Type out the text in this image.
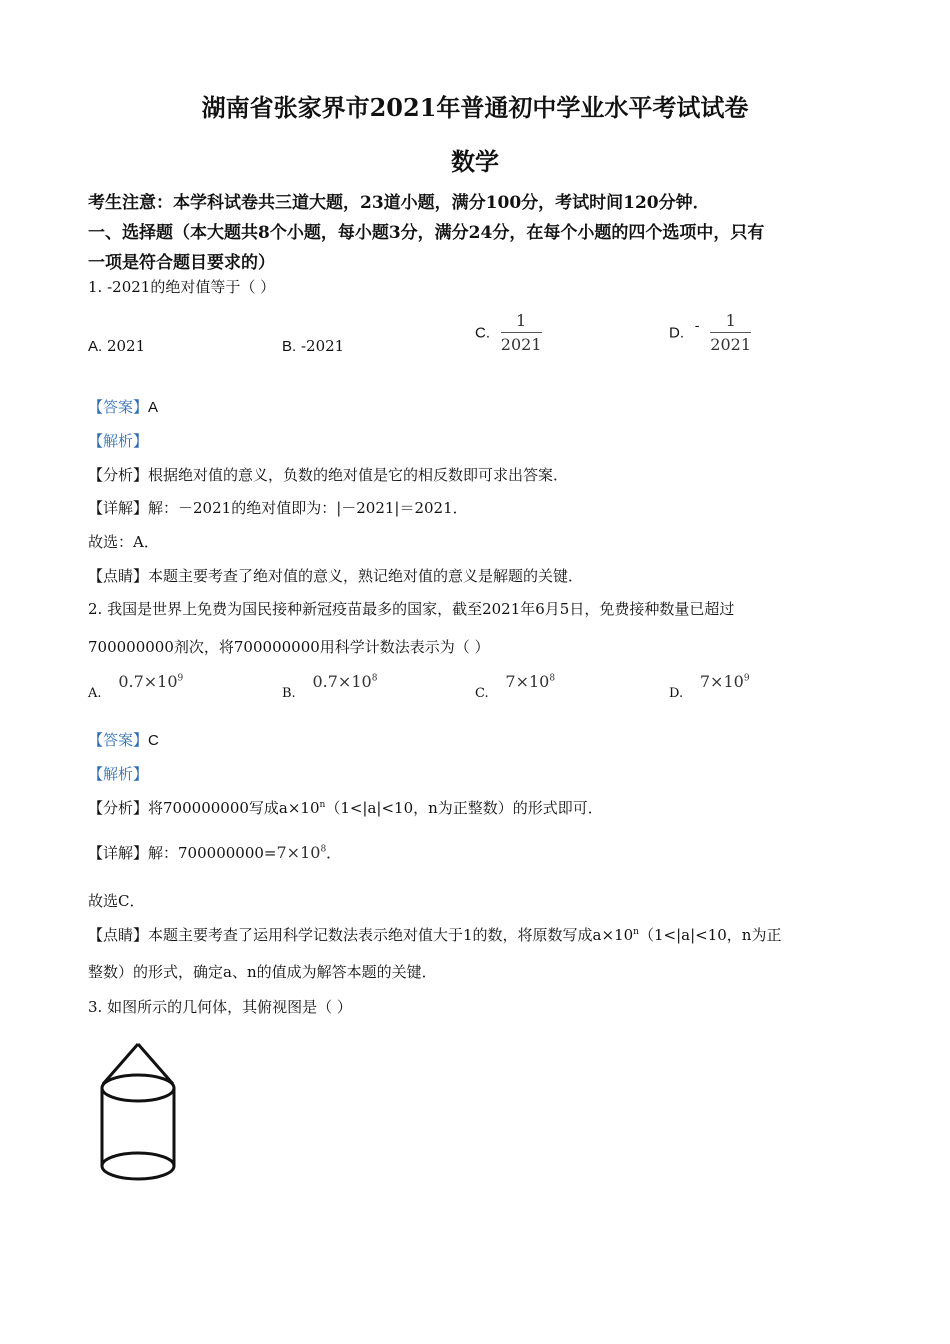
湖南省张家界市2021年普通初中学业水平考试试卷
数学
考生注意：本学科试卷共三道大题，23道小题，满分100分，考试时间120分钟．
一、选择题（本大题共8个小题，每小题3分，满分24分，在每个小题的四个选项中，只有
一项是符合题目要求的）
1. -2021的绝对值等于（ ）
A. 2021	B. -2021
C. $\frac{1}{2021}$	D. - $\frac{1}{2021}$
【答案】A
【解析】
【分析】根据绝对值的意义，负数的绝对值是它的相反数即可求出答案．
【详解】解：－2021的绝对值即为：|－2021|＝2021．
故选：A．
【点睛】本题主要考查了绝对值的意义，熟记绝对值的意义是解题的关键．
2. 我国是世界上免费为国民接种新冠疫苗最多的国家，截至2021年6月5日，免费接种数量已超过
700000000剂次，将700000000用科学计数法表示为（ ）
A. $0.7\times 10^9$
B. $0.7\times 10^8$
C. $7\times 10^8$
D. $7\times 10^9$
【答案】C
【解析】
【分析】将700000000写成$a\times 10^n(1<|a|<10$，n为正整数）的形式即可．
【详解】解：$700000000=7\times 10^8$．
故选C．
【点睛】本题主要考查了运用科学记数法表示绝对值大于1的数，将原数写成$a\times 10^n(1<|a|<10$，n为正
整数）的形式，确定a、n的值成为解答本题的关键．
3. 如图所示的几何体，其俯视图是（ ）
